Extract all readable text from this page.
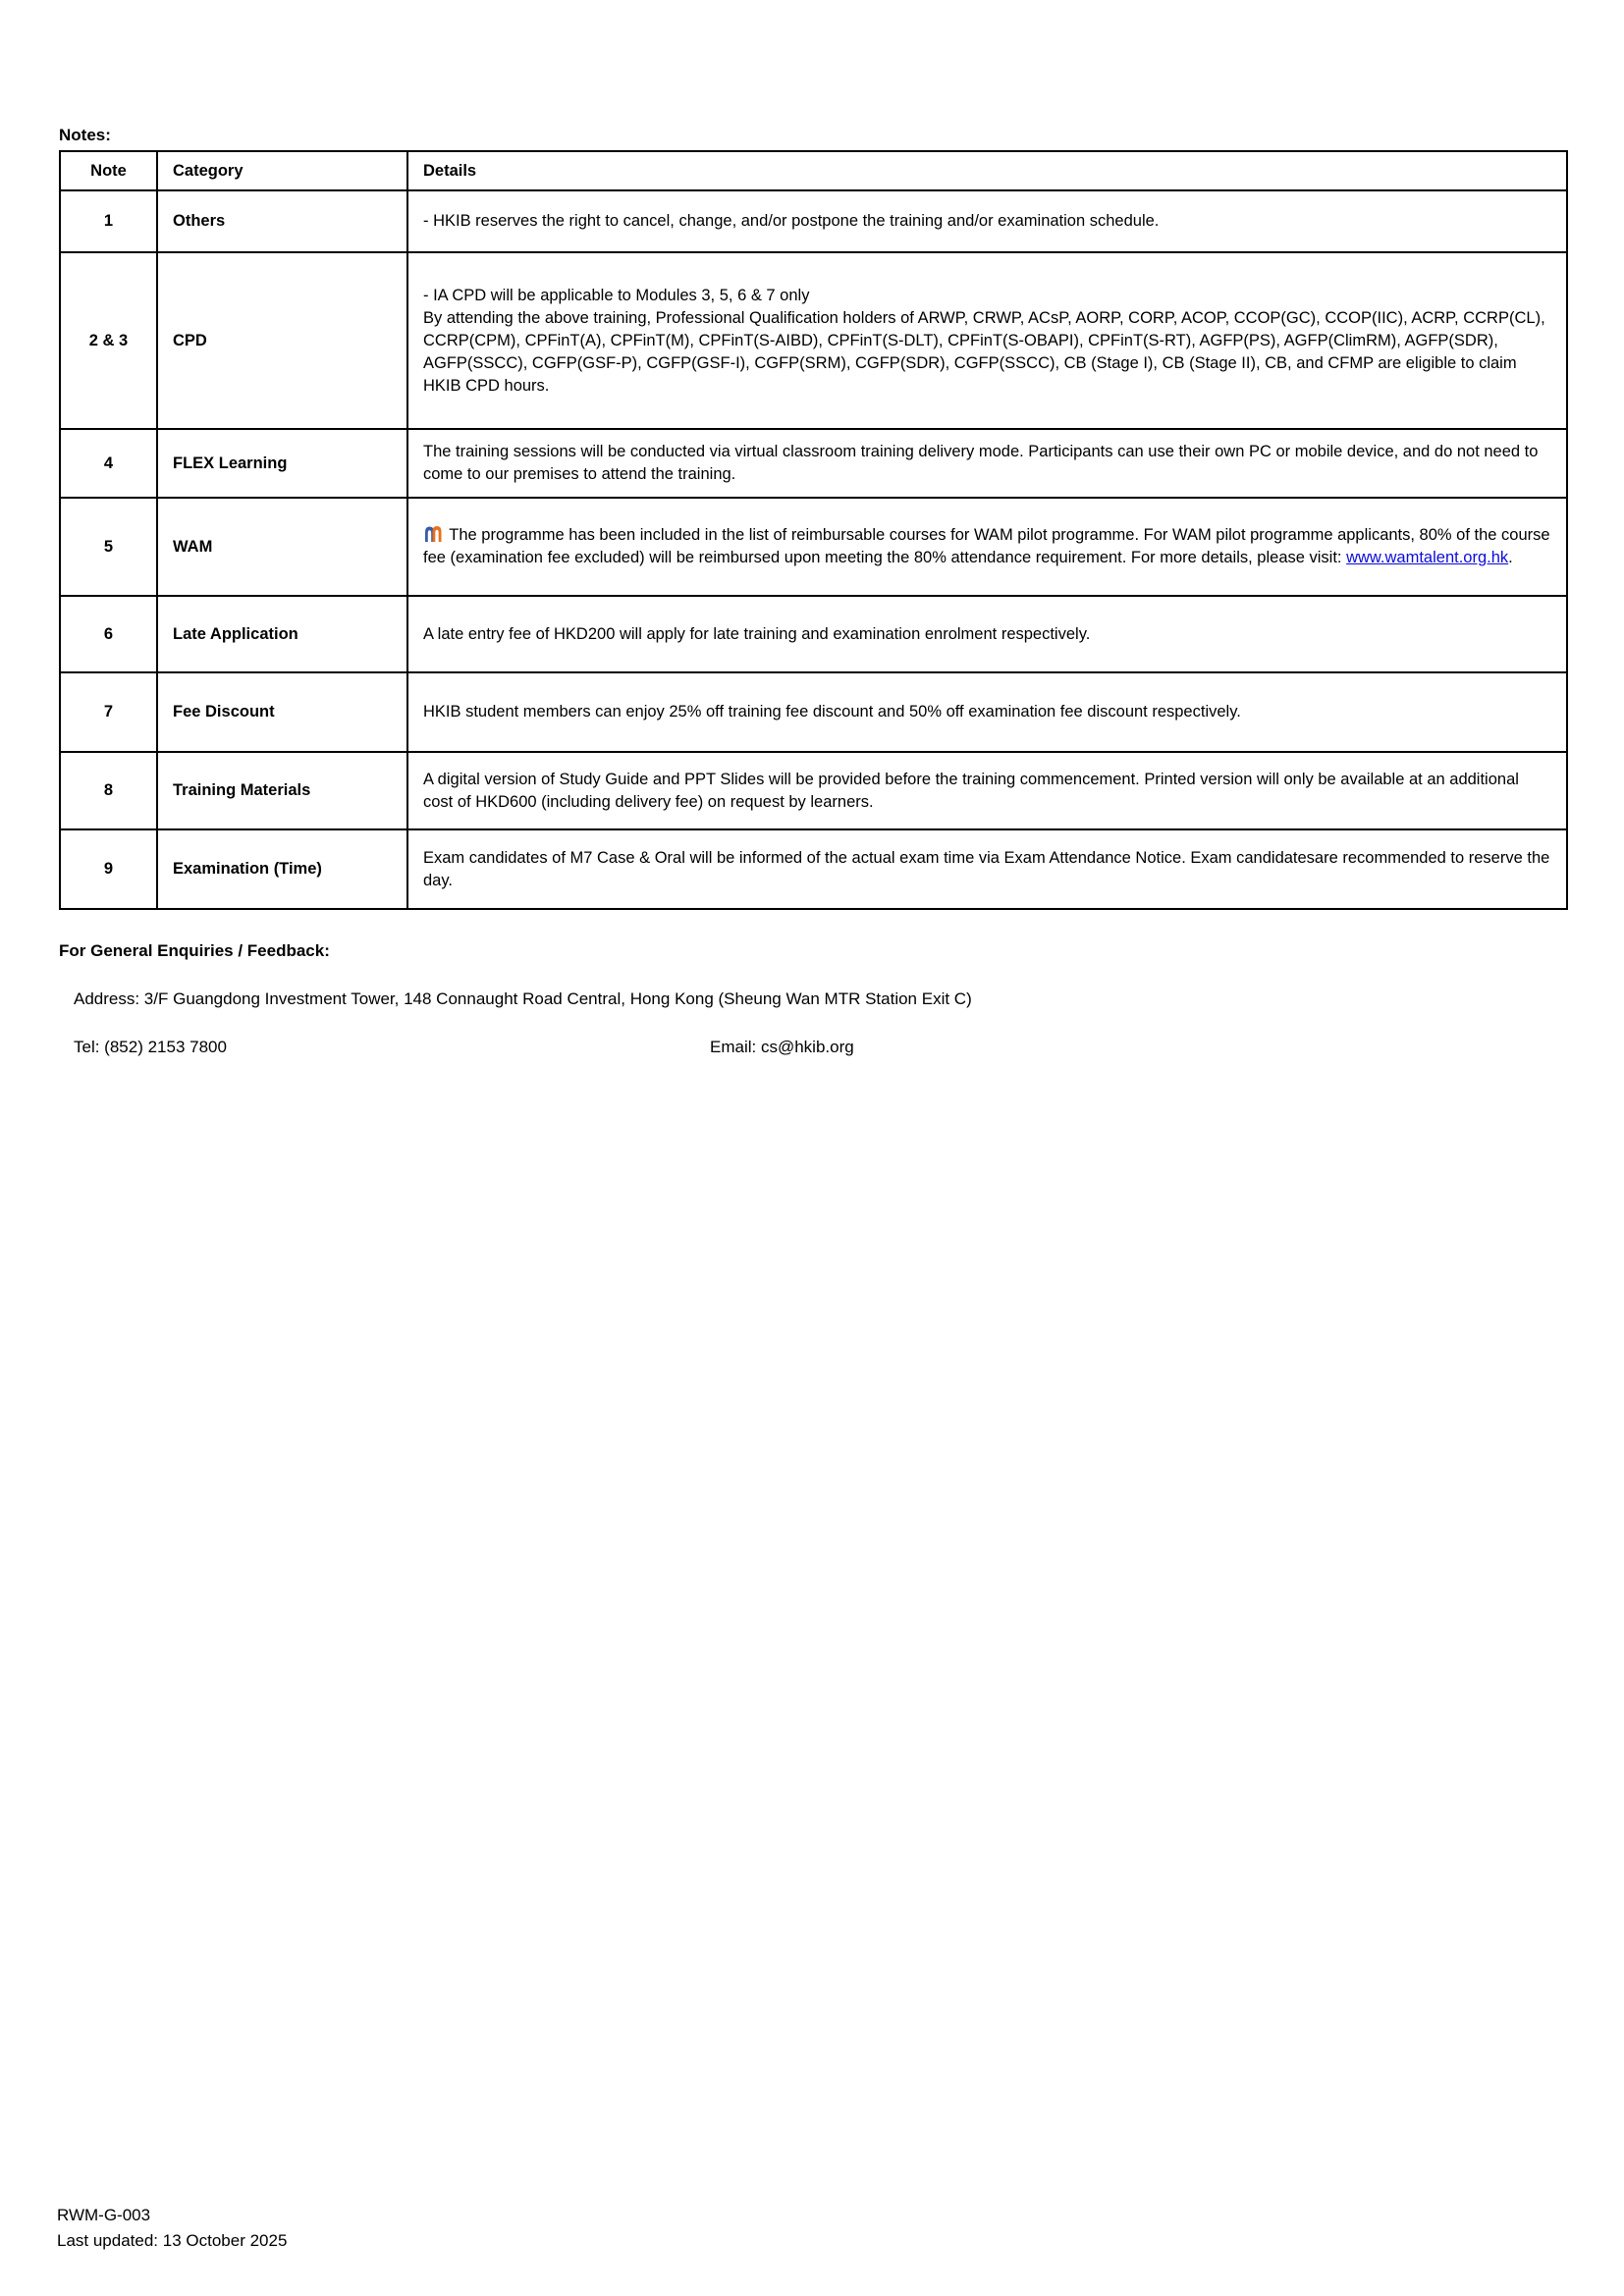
Notes:

Note	Category	Details
1	Others	- HKIB reserves the right to cancel, change, and/or postpone the training and/or examination schedule.
2 & 3	CPD	- IA CPD will be applicable to Modules 3, 5, 6 & 7 only
By attending the above training, Professional Qualification holders of ARWP, CRWP, ACsP, AORP, CORP, ACOP, CCOP(GC), CCOP(IIC), ACRP, CCRP(CL), CCRP(CPM), CPFinT(A), CPFinT(M), CPFinT(S-AIBD), CPFinT(S-DLT), CPFinT(S-OBAPI), CPFinT(S-RT), AGFP(PS), AGFP(ClimRM), AGFP(SDR), AGFP(SSCC), CGFP(GSF-P), CGFP(GSF-I), CGFP(SRM), CGFP(SDR), CGFP(SSCC), CB (Stage I), CB (Stage II), CB, and CFMP are eligible to claim HKIB CPD hours.
4	FLEX Learning	The training sessions will be conducted via virtual classroom training delivery mode. Participants can use their own PC or mobile device, and do not need to come to our premises to attend the training.
5	WAM	The programme has been included in the list of reimbursable courses for WAM pilot programme. For WAM pilot programme applicants, 80% of the course fee (examination fee excluded) will be reimbursed upon meeting the 80% attendance requirement. For more details, please visit: www.wamtalent.org.hk.
6	Late Application	A late entry fee of HKD200 will apply for late training and examination enrolment respectively.
7	Fee Discount	HKIB student members can enjoy 25% off training fee discount and 50% off examination fee discount respectively.
8	Training Materials	A digital version of Study Guide and PPT Slides will be provided before the training commencement. Printed version will only be available at an additional cost of HKD600 (including delivery fee) on request by learners.
9	Examination (Time)	Exam candidates of M7 Case & Oral will be informed of the actual exam time via Exam Attendance Notice. Exam candidatesare recommended to reserve the day.

For General Enquiries / Feedback:

Address: 3/F Guangdong Investment Tower, 148 Connaught Road Central, Hong Kong (Sheung Wan MTR Station Exit C)
Tel: (852) 2153 7800	Email: cs@hkib.org
RWM-G-003
Last updated: 13 October 2025
